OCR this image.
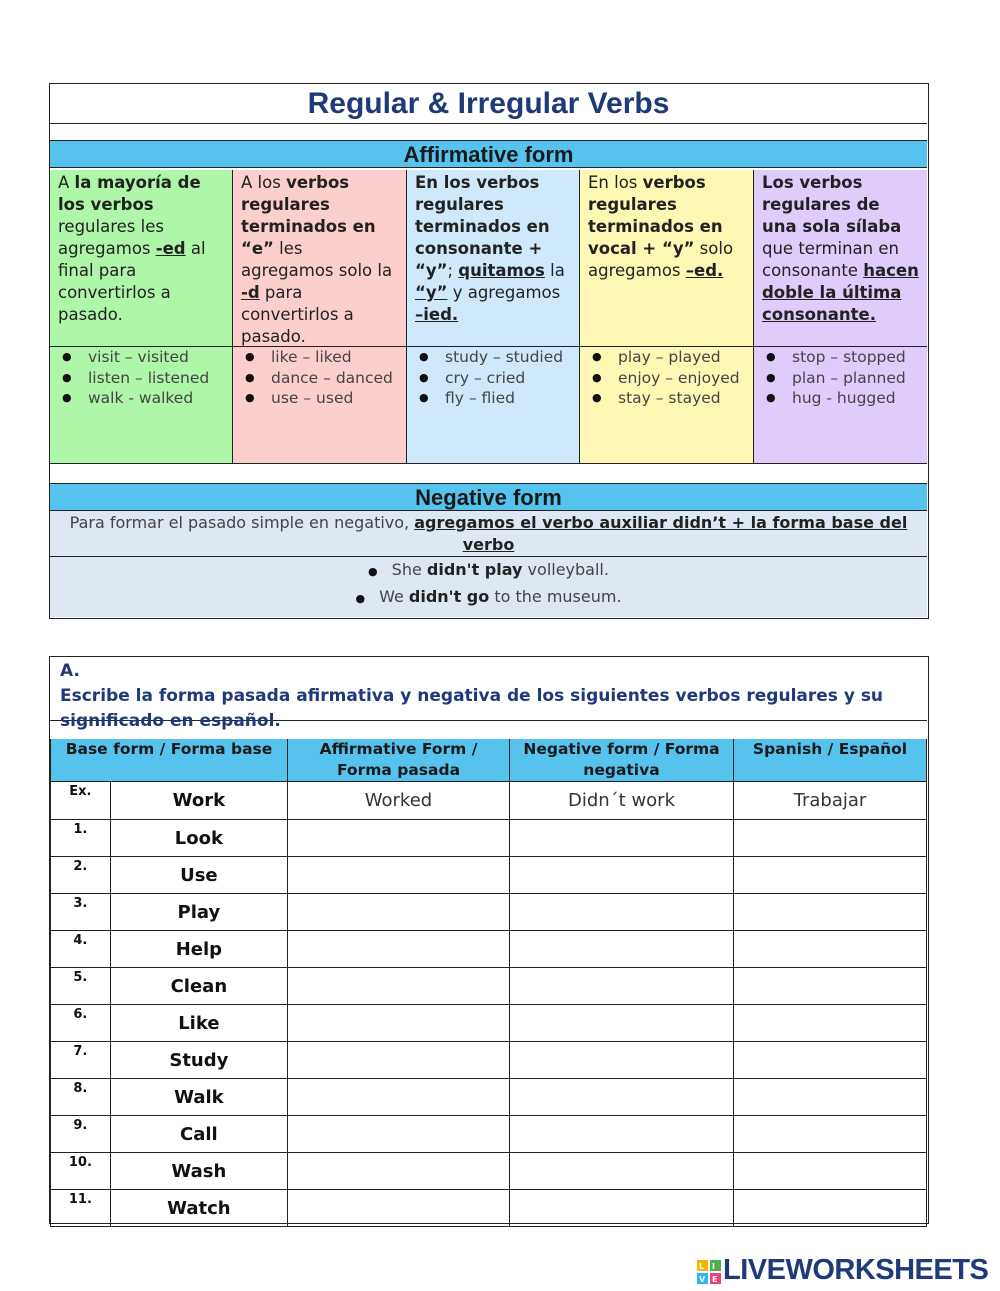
Regular & Irregular Verbs
Affirmative form
A la mayoría de los verbos regulares les agregamos -ed al final para convertirlos a pasado.
● visit – visited
● listen – listened
● walk - walked
A los verbos regulares terminados en “e” les agregamos solo la -d para convertirlos a pasado.
● like – liked
● dance – danced
● use – used
En los verbos regulares terminados en consonante + “y”; quitamos la “y” y agregamos –ied.
● study – studied
● cry – cried
● fly – flied
En los verbos regulares terminados en vocal + “y” solo agregamos –ed.
● play – played
● enjoy – enjoyed
● stay – stayed
Los verbos regulares de una sola sílaba que terminan en consonante hacen doble la última consonante.
● stop – stopped
● plan – planned
● hug - hugged
Negative form
Para formar el pasado simple en negativo, agregamos el verbo auxiliar didn’t + la forma base del verbo
● She didn't play volleyball.
● We didn't go to the museum.
A.Escribe la forma pasada afirmativa y negativa de los siguientes verbos regulares y su significado en español.
Base form / Forma base		Affirmative Form / Forma pasada	Negative form / Forma negativa	Spanish / Español
Ex.	Work	Worked	Didn´t work	Trabajar
1.	Look			
2.	Use			
3.	Play			
4.	Help			
5.	Clean			
6.	Like			
7.	Study			
8.	Walk			
9.	Call			
10.	Wash			
11.	Watch			
L I
V E LIVEWORKSHEETS
